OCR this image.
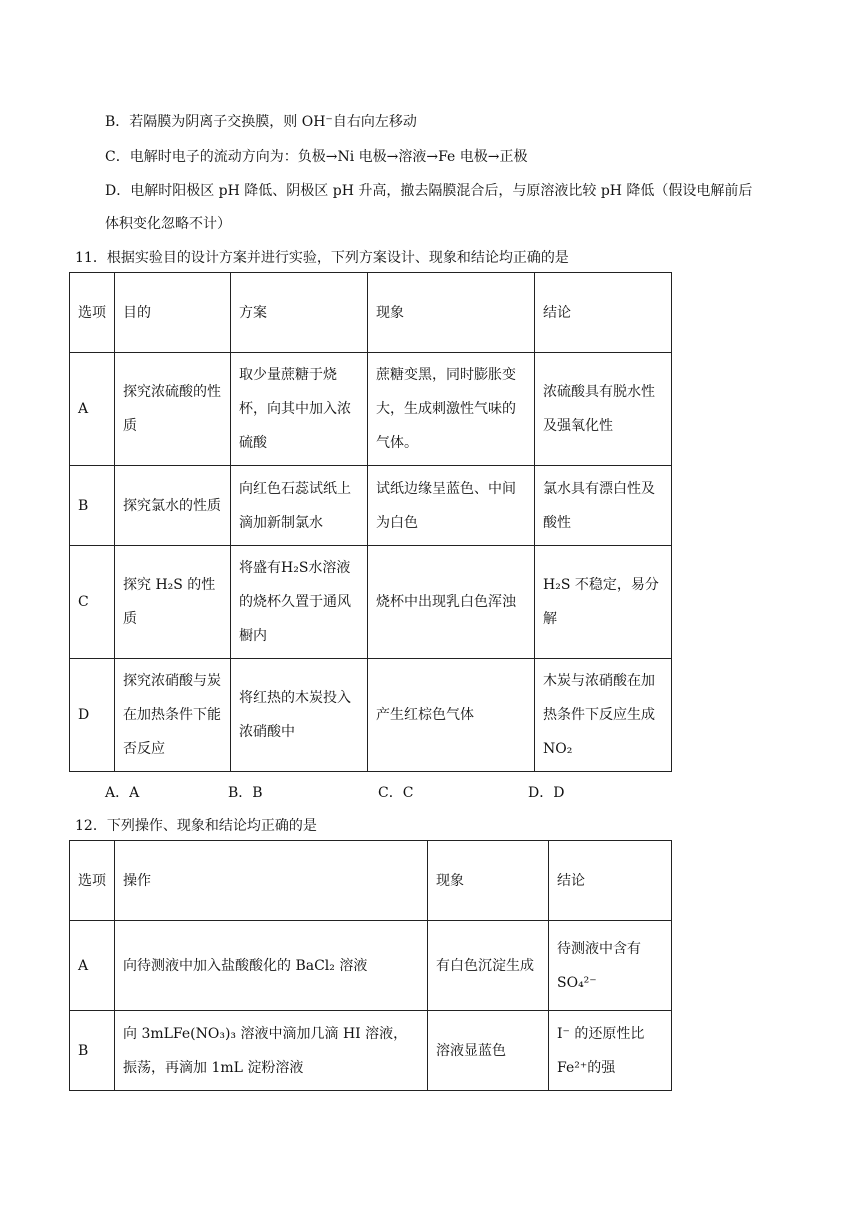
B．若隔膜为阴离子交换膜，则 OH⁻自右向左移动
C．电解时电子的流动方向为：负极→Ni 电极→溶液→Fe 电极→正极
D．电解时阳极区 pH 降低、阴极区 pH 升高，撤去隔膜混合后，与原溶液比较 pH 降低（假设电解前后
体积变化忽略不计）
11．根据实验目的设计方案并进行实验，下列方案设计、现象和结论均正确的是
选项	目的	方案	现象	结论
A	探究浓硫酸的性质	取少量蔗糖于烧杯，向其中加入浓硫酸	蔗糖变黑，同时膨胀变大，生成刺激性气味的气体。	浓硫酸具有脱水性及强氧化性
B	探究氯水的性质	向红色石蕊试纸上滴加新制氯水	试纸边缘呈蓝色、中间为白色	氯水具有漂白性及酸性
C	探究 H₂S 的性质	将盛有H₂S水溶液的烧杯久置于通风橱内	烧杯中出现乳白色浑浊	H₂S 不稳定，易分解
D	探究浓硝酸与炭在加热条件下能否反应	将红热的木炭投入浓硝酸中	产生红棕色气体	木炭与浓硝酸在加热条件下反应生成 NO₂
A．A	B．B	C．C	D．D
12．下列操作、现象和结论均正确的是
选项	操作	现象	结论
A	向待测液中加入盐酸酸化的 BaCl₂ 溶液	有白色沉淀生成	待测液中含有 SO₄²⁻
B	向 3mLFe(NO₃)₃ 溶液中滴加几滴 HI 溶液，振荡，再滴加 1mL 淀粉溶液	溶液显蓝色	I⁻ 的还原性比 Fe²⁺的强
